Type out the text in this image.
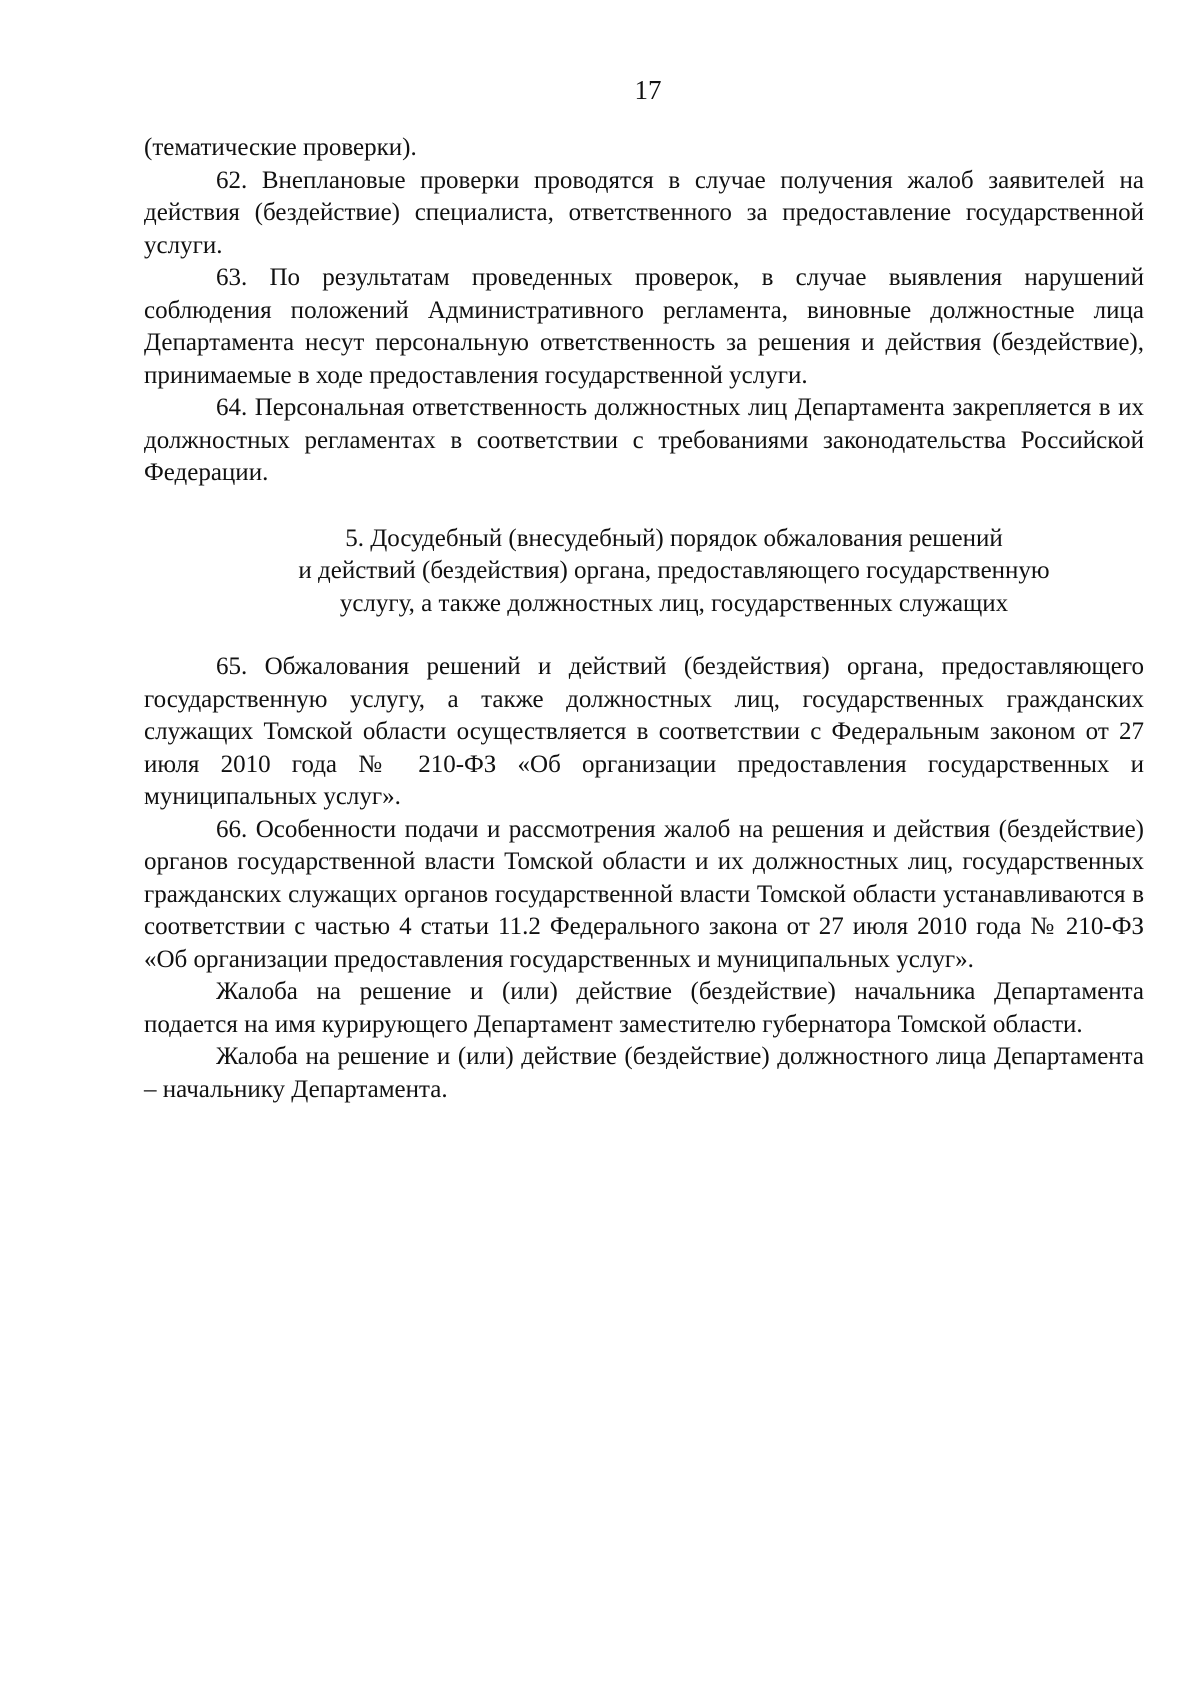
17

(тематические проверки).

62. Внеплановые проверки проводятся в случае получения жалоб заявителей на действия (бездействие) специалиста, ответственного за предоставление государственной услуги.

63. По результатам проведенных проверок, в случае выявления нарушений соблюдения положений Административного регламента, виновные должностные лица Департамента несут персональную ответственность за решения и действия (бездействие), принимаемые в ходе предоставления государственной услуги.

64. Персональная ответственность должностных лиц Департамента закрепляется в их должностных регламентах в соответствии с требованиями законодательства Российской Федерации.

5. Досудебный (внесудебный) порядок обжалования решений
и действий (бездействия) органа, предоставляющего государственную
услугу, а также должностных лиц, государственных служащих

65. Обжалования решений и действий (бездействия) органа, предоставляющего государственную услугу, а также должностных лиц, государственных гражданских служащих Томской области осуществляется в соответствии с Федеральным законом от 27 июля 2010 года № 210-ФЗ «Об организации предоставления государственных и муниципальных услуг».

66. Особенности подачи и рассмотрения жалоб на решения и действия (бездействие) органов государственной власти Томской области и их должностных лиц, государственных гражданских служащих органов государственной власти Томской области устанавливаются в соответствии с частью 4 статьи 11.2 Федерального закона от 27 июля 2010 года № 210-ФЗ «Об организации предоставления государственных и муниципальных услуг».

Жалоба на решение и (или) действие (бездействие) начальника Департамента подается на имя курирующего Департамент заместителю губернатора Томской области.

Жалоба на решение и (или) действие (бездействие) должностного лица Департамента – начальнику Департамента.
